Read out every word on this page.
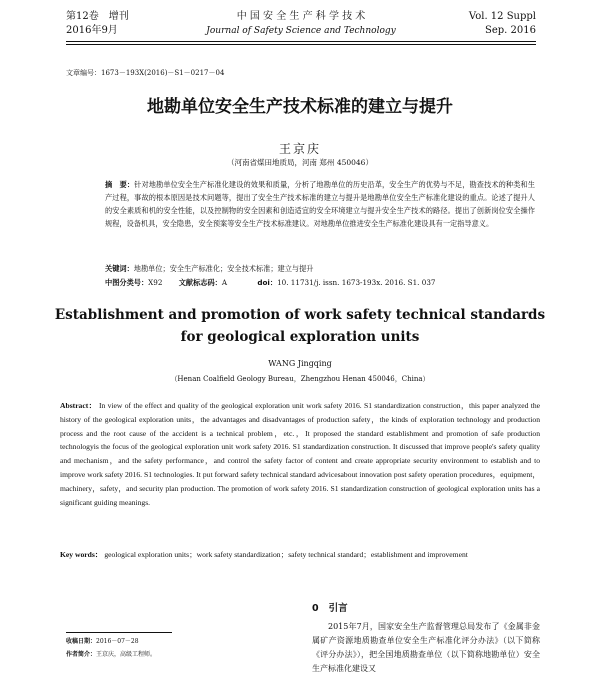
第12卷　增刊
2016年9月
中 国 安 全 生 产 科 学 技 术
Journal of Safety Science and Technology
Vol. 12 Suppl
Sep. 2016
文章编号：1673－193X(2016)－S1－0217－04
地勘单位安全生产技术标准的建立与提升
王京庆
（河南省煤田地质局，河南 郑州 450046）
摘　要：针对地勘单位安全生产标准化建设的效果和质量，分析了地勘单位的历史沿革，安全生产的优势与不足，勘查技术的种类和生产过程，事故的根本原因是技术问题等，提出了安全生产技术标准的建立与提升是地勘单位安全生产标准化建设的重点。论述了提升人的安全素质和机的安全性能，以及控制物的安全因素和创造适宜的安全环境建立与提升安全生产技术的路径。提出了创新岗位安全操作规程，设备机具，安全隐患，安全预案等安全生产技术标准建议。对地勘单位推进安全生产标准化建设具有一定指导意义。
关键词：地勘单位；安全生产标准化；安全技术标准；建立与提升
中图分类号：X92 文献标志码：A	doi：10. 11731/j. issn. 1673-193x. 2016. S1. 037
Establishment and promotion of work safety technical standards
for geological exploration units
WANG Jingqing
（Henan Coalfield Geology Bureau，Zhengzhou Henan 450046，China）
Abstract： In view of the effect and quality of the geological exploration unit work safety 2016. S1 standardization construction，this paper analyzed the history of the geological exploration units，the advantages and disadvantages of production safety，the kinds of exploration technology and production process and the root cause of the accident is a technical problem，etc.，It proposed the standard establishment and promotion of safe production technologyis the focus of the geological exploration unit work safety 2016. S1 standardization construction. It discussed that improve people's safety quality and mechanism，and the safety performance，and control the safety factor of content and create appropriate security environment to establish and to improve work safety 2016. S1 technologies. It put forward safety technical standard advicesabout innovation post safety operation procedures，equipment，machinery，safety，and security plan production. The promotion of work safety 2016. S1 standardization construction of geological exploration units has a significant guiding meanings.
Key words： geological exploration units；work safety standardization；safety technical standard；establishment and improvement
0 引言
2015年7月，国家安全生产监督管理总局发布了《金属非金属矿产资源地质勘查单位安全生产标准化评分办法》（以下简称《评分办法》），把全国地质勘查单位（以下简称地勘单位）安全生产标准化建设又
收稿日期：2016－07－28
作者简介：王京庆，高级工程师。
